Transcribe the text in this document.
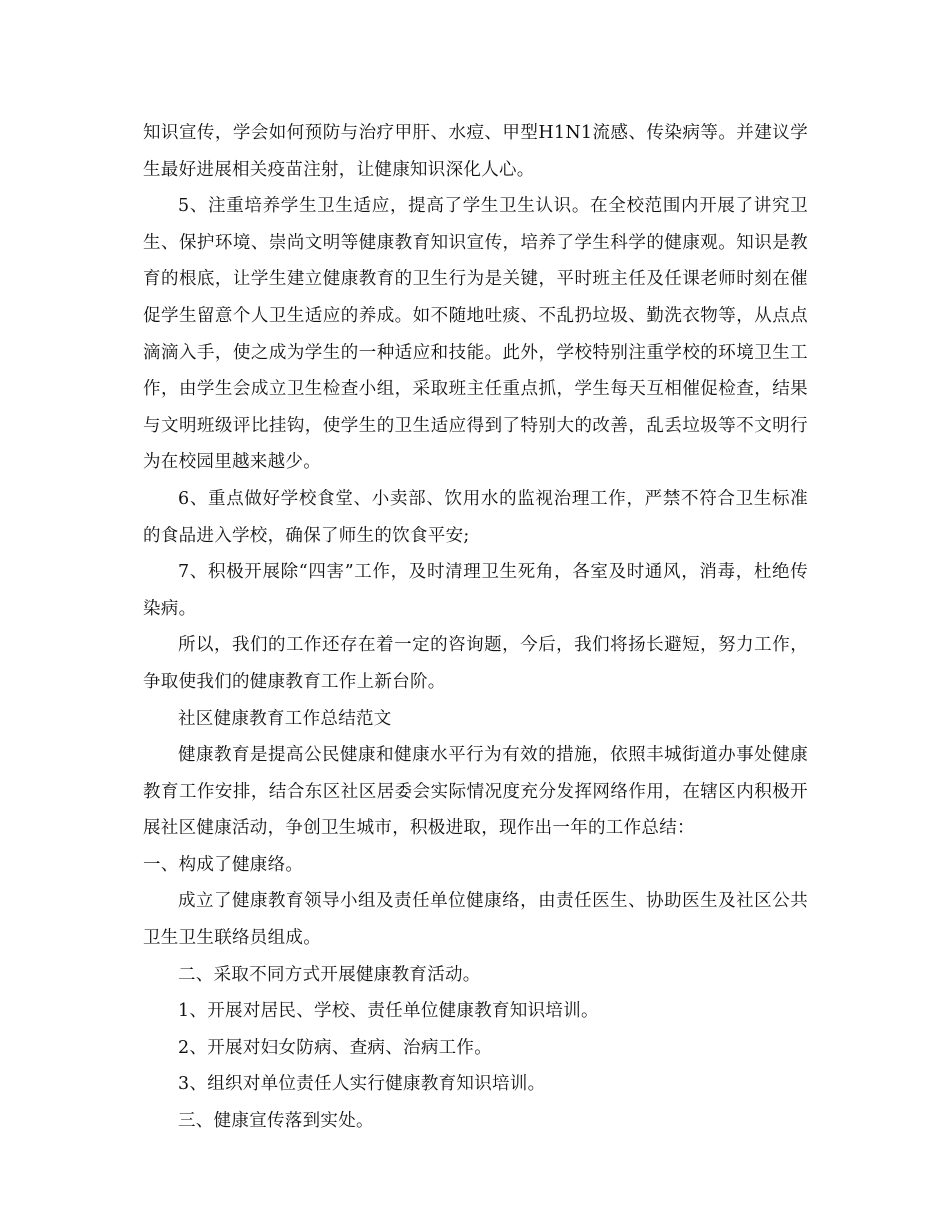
知识宣传，学会如何预防与治疗甲肝、水痘、甲型H1N1流感、传染病等。并建议学生最好进展相关疫苗注射，让健康知识深化人心。

5、注重培养学生卫生适应，提高了学生卫生认识。在全校范围内开展了讲究卫生、保护环境、崇尚文明等健康教育知识宣传，培养了学生科学的健康观。知识是教育的根底，让学生建立健康教育的卫生行为是关键，平时班主任及任课老师时刻在催促学生留意个人卫生适应的养成。如不随地吐痰、不乱扔垃圾、勤洗衣物等，从点点滴滴入手，使之成为学生的一种适应和技能。此外，学校特别注重学校的环境卫生工作，由学生会成立卫生检查小组，采取班主任重点抓，学生每天互相催促检查，结果与文明班级评比挂钩，使学生的卫生适应得到了特别大的改善，乱丢垃圾等不文明行为在校园里越来越少。

6、重点做好学校食堂、小卖部、饮用水的监视治理工作，严禁不符合卫生标准的食品进入学校，确保了师生的饮食平安;

7、积极开展除“四害”工作，及时清理卫生死角，各室及时通风，消毒，杜绝传染病。

所以，我们的工作还存在着一定的咨询题，今后，我们将扬长避短，努力工作，争取使我们的健康教育工作上新台阶。

社区健康教育工作总结范文

健康教育是提高公民健康和健康水平行为有效的措施，依照丰城街道办事处健康教育工作安排，结合东区社区居委会实际情况度充分发挥网络作用，在辖区内积极开展社区健康活动，争创卫生城市，积极进取，现作出一年的工作总结：

一、构成了健康络。

成立了健康教育领导小组及责任单位健康络，由责任医生、协助医生及社区公共卫生卫生联络员组成。

二、采取不同方式开展健康教育活动。

1、开展对居民、学校、责任单位健康教育知识培训。

2、开展对妇女防病、查病、治病工作。

3、组织对单位责任人实行健康教育知识培训。

三、健康宣传落到实处。
